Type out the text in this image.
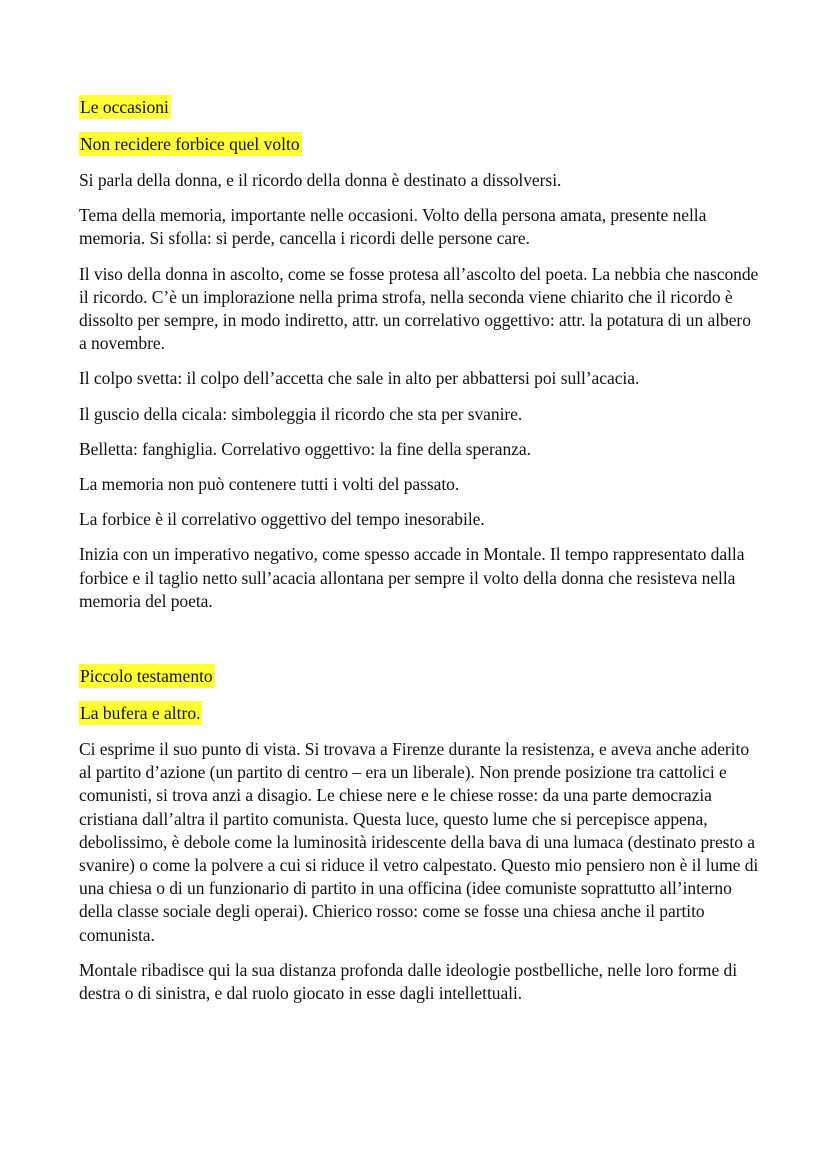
Le occasioni
Non recidere forbice quel volto

Si parla della donna, e il ricordo della donna è destinato a dissolversi.

Tema della memoria, importante nelle occasioni. Volto della persona amata, presente nella memoria. Si sfolla: si perde, cancella i ricordi delle persone care.

Il viso della donna in ascolto, come se fosse protesa all’ascolto del poeta. La nebbia che nasconde il ricordo. C’è un implorazione nella prima strofa, nella seconda viene chiarito che il ricordo è dissolto per sempre, in modo indiretto, attr. un correlativo oggettivo: attr. la potatura di un albero a novembre.

Il colpo svetta: il colpo dell’accetta che sale in alto per abbattersi poi sull’acacia.

Il guscio della cicala: simboleggia il ricordo che sta per svanire.

Belletta: fanghiglia. Correlativo oggettivo: la fine della speranza.

La memoria non può contenere tutti i volti del passato.

La forbice è il correlativo oggettivo del tempo inesorabile.

Inizia con un imperativo negativo, come spesso accade in Montale. Il tempo rappresentato dalla forbice e il taglio netto sull’acacia allontana per sempre il volto della donna che resisteva nella memoria del poeta.

Piccolo testamento
La bufera e altro.

Ci esprime il suo punto di vista. Si trovava a Firenze durante la resistenza, e aveva anche aderito al partito d’azione (un partito di centro – era un liberale). Non prende posizione tra cattolici e comunisti, si trova anzi a disagio. Le chiese nere e le chiese rosse: da una parte democrazia cristiana dall’altra il partito comunista. Questa luce, questo lume che si percepisce appena, debolissimo, è debole come la luminosità iridescente della bava di una lumaca (destinato presto a svanire) o come la polvere a cui si riduce il vetro calpestato. Questo mio pensiero non è il lume di una chiesa o di un funzionario di partito in una officina (idee comuniste soprattutto all’interno della classe sociale degli operai). Chierico rosso: come se fosse una chiesa anche il partito comunista.

Montale ribadisce qui la sua distanza profonda dalle ideologie postbelliche, nelle loro forme di destra o di sinistra, e dal ruolo giocato in esse dagli intellettuali.
